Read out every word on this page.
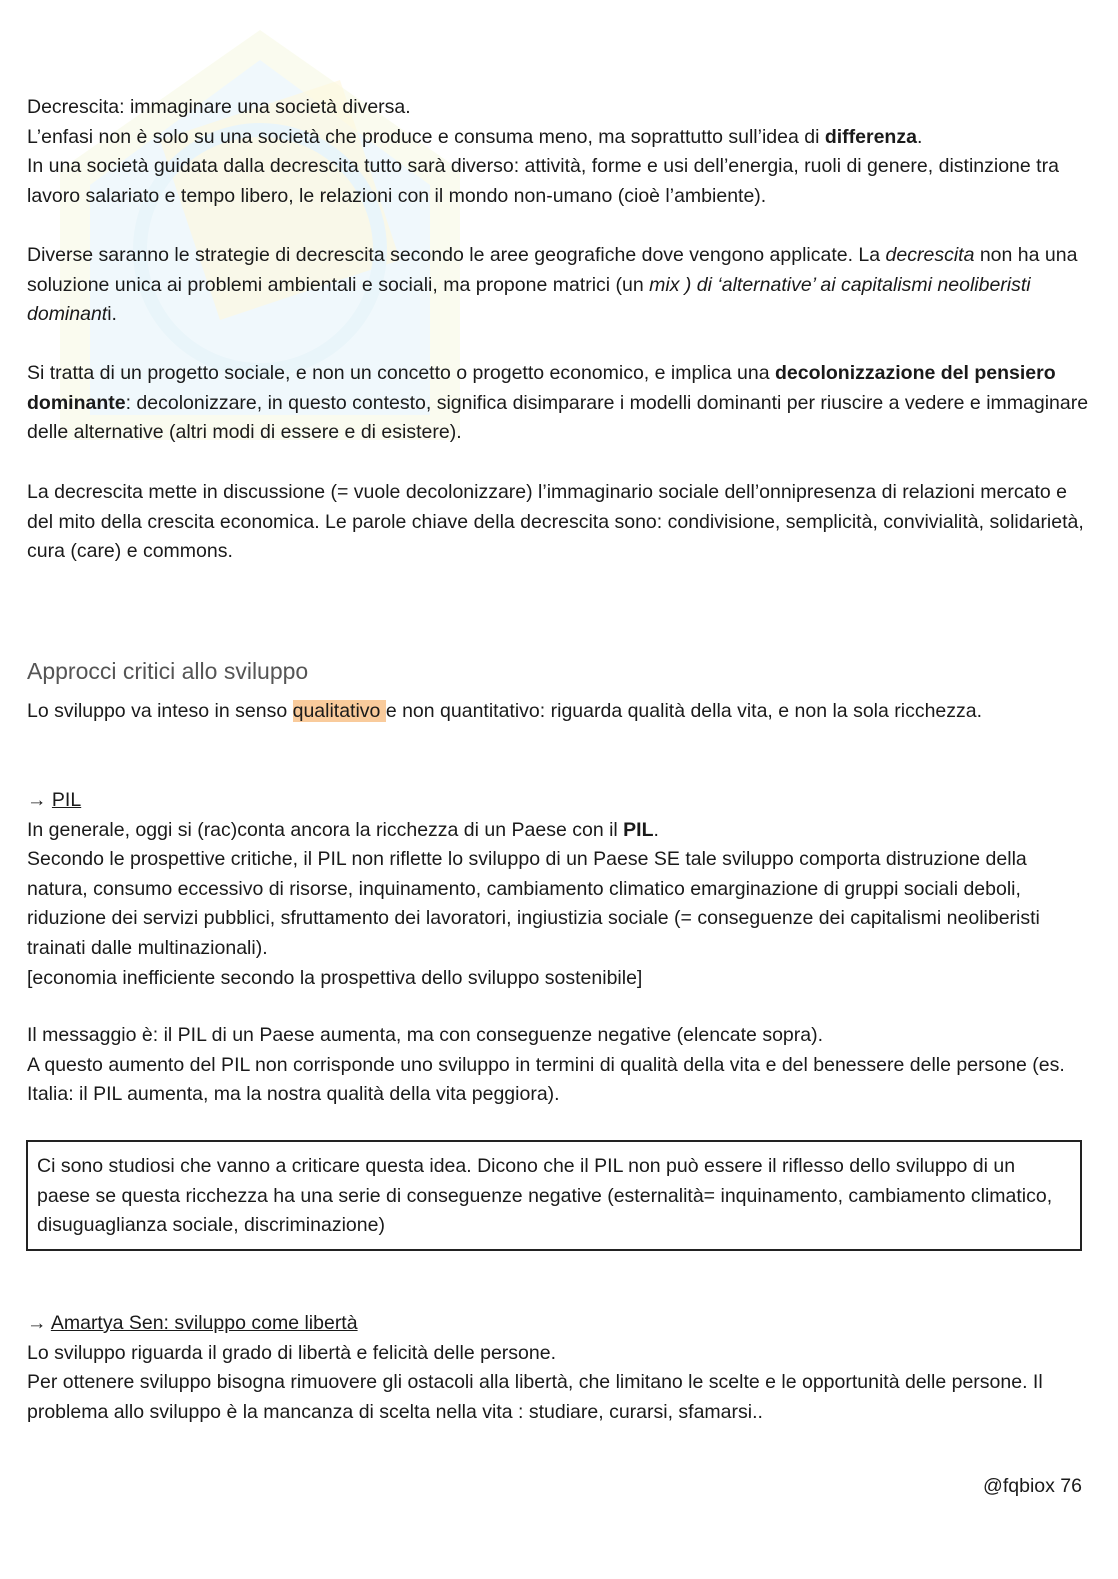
Decrescita: immaginare una società diversa.

L’enfasi non è solo su una società che produce e consuma meno, ma soprattutto sull’idea di differenza.

In una società guidata dalla decrescita tutto sarà diverso: attività, forme e usi dell’energia, ruoli di genere, distinzione tra lavoro salariato e tempo libero, le relazioni con il mondo non-umano (cioè l’ambiente).

Diverse saranno le strategie di decrescita secondo le aree geografiche dove vengono applicate. La decrescita non ha una soluzione unica ai problemi ambientali e sociali, ma propone matrici (un mix ) di ‘alternative’ ai capitalismi neoliberisti dominanti.

Si tratta di un progetto sociale, e non un concetto o progetto economico, e implica una decolonizzazione del pensiero dominante: decolonizzare, in questo contesto, significa disimparare i modelli dominanti per riuscire a vedere e immaginare delle alternative (altri modi di essere e di esistere).

La decrescita mette in discussione (= vuole decolonizzare) l’immaginario sociale dell’onnipresenza di relazioni mercato e del mito della crescita economica. Le parole chiave della decrescita sono: condivisione, semplicità, convivialità, solidarietà, cura (care) e commons.

Approcci critici allo sviluppo

Lo sviluppo va inteso in senso qualitativo e non quantitativo: riguarda qualità della vita, e non la sola ricchezza.

→ PIL

In generale, oggi si (rac)conta ancora la ricchezza di un Paese con il PIL.

Secondo le prospettive critiche, il PIL non riflette lo sviluppo di un Paese SE tale sviluppo comporta distruzione della natura, consumo eccessivo di risorse, inquinamento, cambiamento climatico emarginazione di gruppi sociali deboli, riduzione dei servizi pubblici, sfruttamento dei lavoratori, ingiustizia sociale (= conseguenze dei capitalismi neoliberisti trainati dalle multinazionali).

[economia inefficiente secondo la prospettiva dello sviluppo sostenibile]

Il messaggio è: il PIL di un Paese aumenta, ma con conseguenze negative (elencate sopra).

A questo aumento del PIL non corrisponde uno sviluppo in termini di qualità della vita e del benessere delle persone (es. Italia: il PIL aumenta, ma la nostra qualità della vita peggiora).

Ci sono studiosi che vanno a criticare questa idea. Dicono che il PIL non può essere il riflesso dello sviluppo di un paese se questa ricchezza ha una serie di conseguenze negative (esternalità= inquinamento, cambiamento climatico, disuguaglianza sociale, discriminazione)

→ Amartya Sen: sviluppo come libertà

Lo sviluppo riguarda il grado di libertà e felicità delle persone.

Per ottenere sviluppo bisogna rimuovere gli ostacoli alla libertà, che limitano le scelte e le opportunità delle persone. Il problema allo sviluppo è la mancanza di scelta nella vita : studiare, curarsi, sfamarsi..

@fqbiox 76
